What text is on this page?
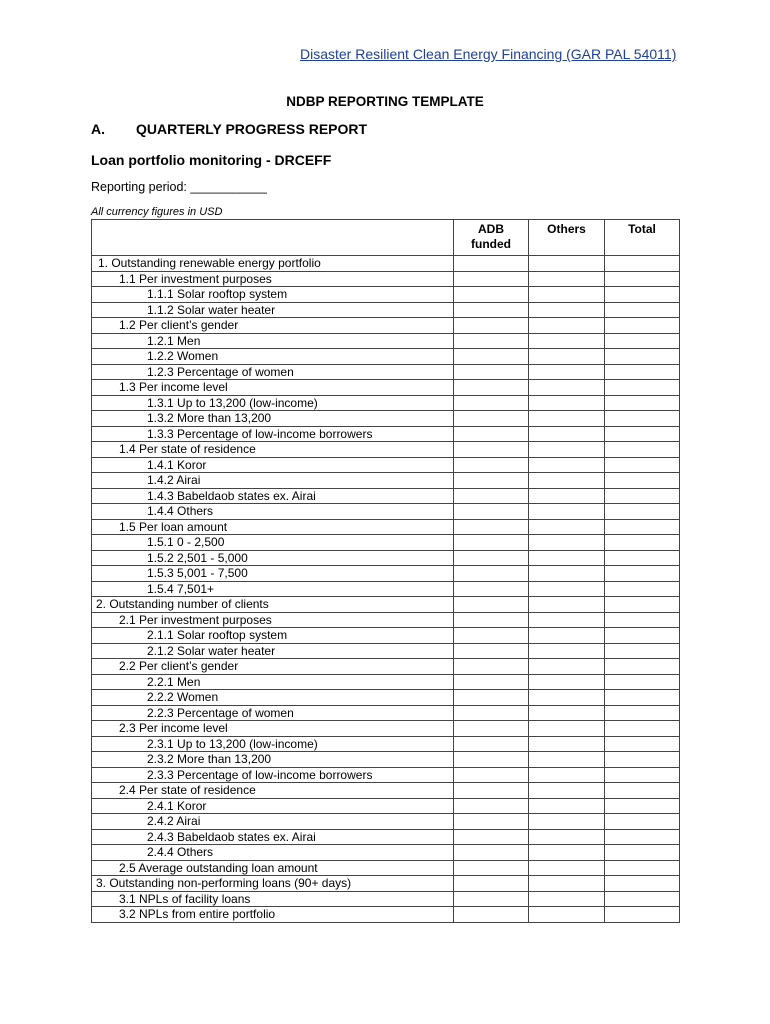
Disaster Resilient Clean Energy Financing (GAR PAL 54011)
NDBP REPORTING TEMPLATE
A. QUARTERLY PROGRESS REPORT
Loan portfolio monitoring - DRCEFF
Reporting period: ___________
All currency figures in USD
	ADB
funded	Others	Total
1. Outstanding renewable energy portfolio			
1.1 Per investment purposes			
1.1.1 Solar rooftop system			
1.1.2 Solar water heater			
1.2 Per client’s gender			
1.2.1 Men			
1.2.2 Women			
1.2.3 Percentage of women			
1.3 Per income level			
1.3.1 Up to 13,200 (low-income)			
1.3.2 More than 13,200			
1.3.3 Percentage of low-income borrowers			
1.4 Per state of residence			
1.4.1 Koror			
1.4.2 Airai			
1.4.3 Babeldaob states ex. Airai			
1.4.4 Others			
1.5 Per loan amount			
1.5.1 0 - 2,500			
1.5.2 2,501 - 5,000			
1.5.3 5,001 - 7,500			
1.5.4 7,501+			
2. Outstanding number of clients			
2.1 Per investment purposes			
2.1.1 Solar rooftop system			
2.1.2 Solar water heater			
2.2 Per client’s gender			
2.2.1 Men			
2.2.2 Women			
2.2.3 Percentage of women			
2.3 Per income level			
2.3.1 Up to 13,200 (low-income)			
2.3.2 More than 13,200			
2.3.3 Percentage of low-income borrowers			
2.4 Per state of residence			
2.4.1 Koror			
2.4.2 Airai			
2.4.3 Babeldaob states ex. Airai			
2.4.4 Others			
2.5 Average outstanding loan amount			
3. Outstanding non-performing loans (90+ days)			
3.1 NPLs of facility loans			
3.2 NPLs from entire portfolio			
